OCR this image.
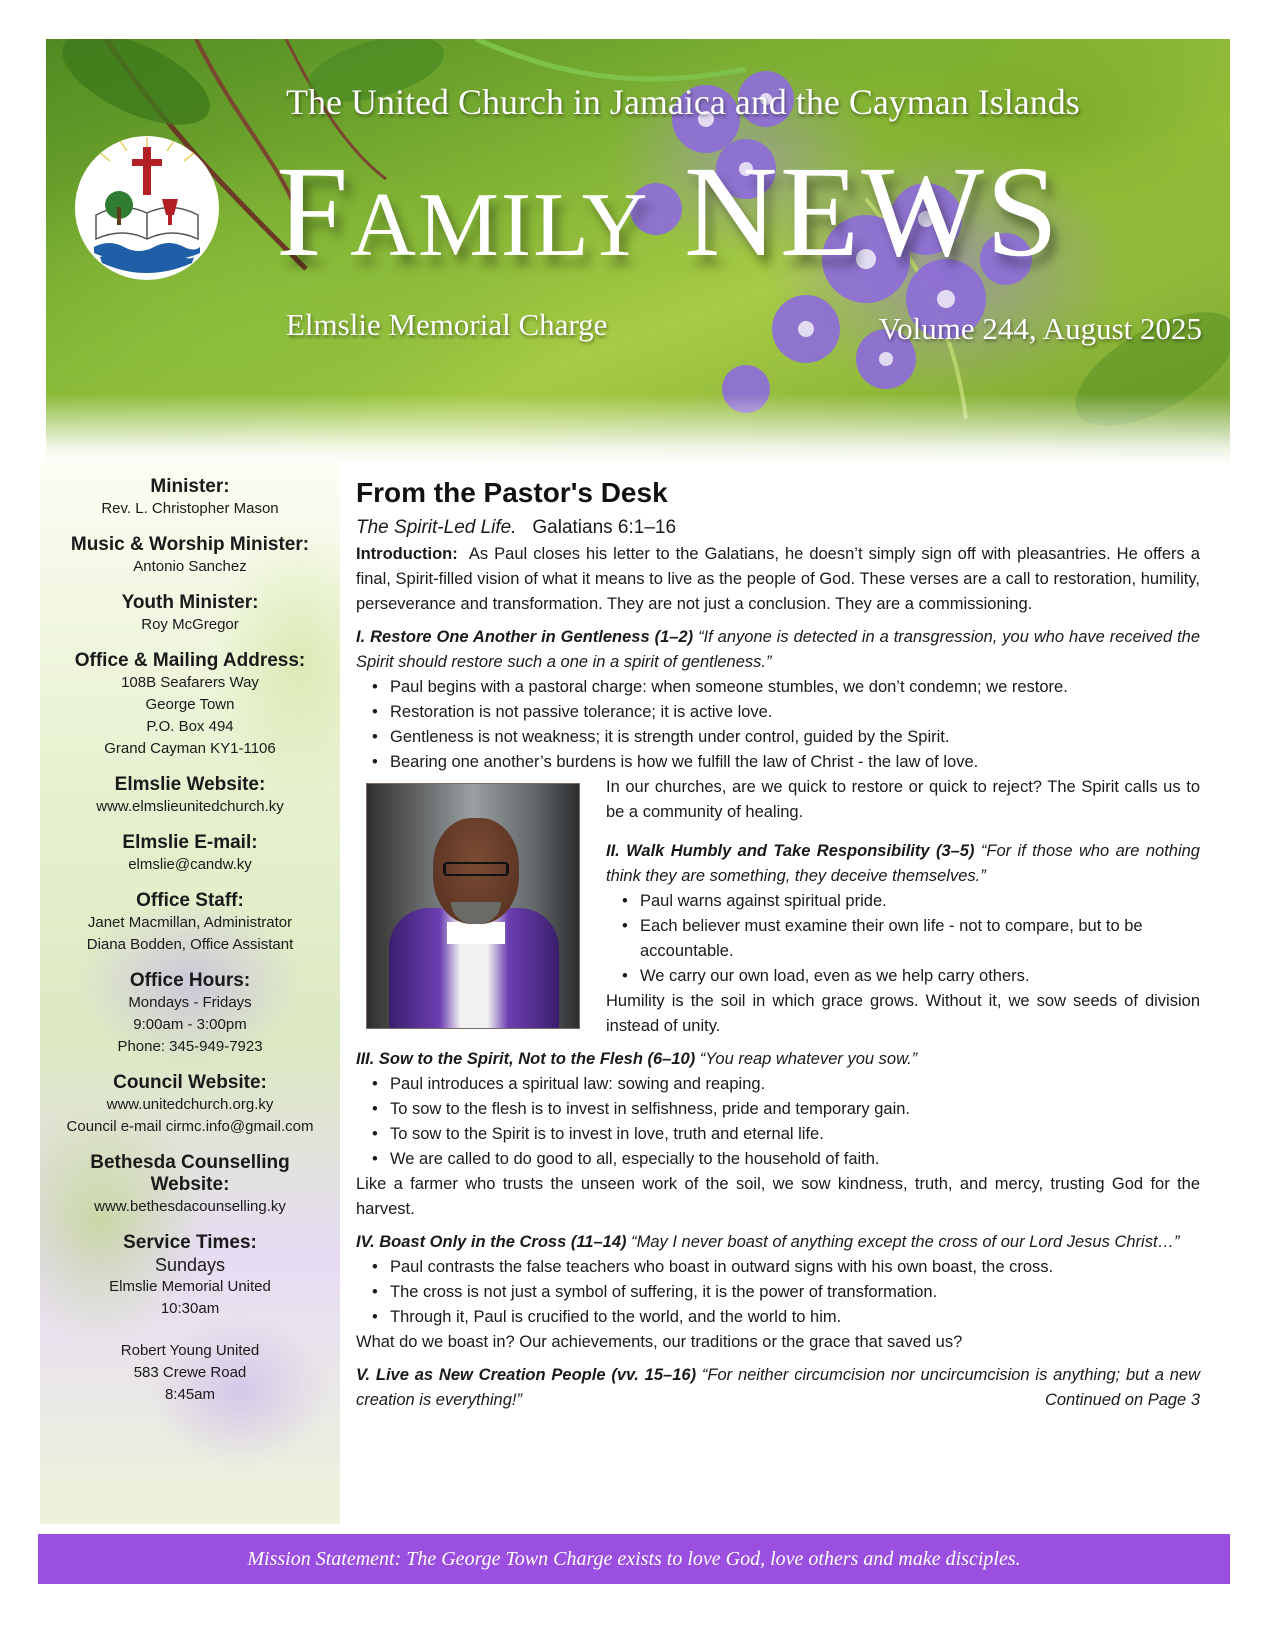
The United Church in Jamaica and the Cayman Islands
Family NEWS
Elmslie Memorial Charge	Volume 244, August 2025
Minister:
Rev. L. Christopher Mason
Music & Worship Minister:
Antonio Sanchez
Youth Minister:
Roy McGregor
Office & Mailing Address:
108B Seafarers Way
George Town
P.O. Box 494
Grand Cayman KY1-1106
Elmslie Website:
www.elmslieunitedchurch.ky
Elmslie E-mail:
elmslie@candw.ky
Office Staff:
Janet Macmillan, Administrator
Diana Bodden, Office Assistant
Office Hours:
Mondays - Fridays
9:00am - 3:00pm
Phone: 345-949-7923
Council Website:
www.unitedchurch.org.ky
Council e-mail cirmc.info@gmail.com
Bethesda Counselling Website:
www.bethesdacounselling.ky
Service Times:
Sundays
Elmslie Memorial United
10:30am
Robert Young United
583 Crewe Road
8:45am
From the Pastor's Desk
The Spirit-Led Life. Galatians 6:1–16

Introduction: As Paul closes his letter to the Galatians, he doesn’t simply sign off with pleasantries. He offers a final, Spirit-filled vision of what it means to live as the people of God. These verses are a call to restoration, humility, perseverance and transformation. They are not just a conclusion. They are a commissioning.

I. Restore One Another in Gentleness (1–2) “If anyone is detected in a transgression, you who have received the Spirit should restore such a one in a spirit of gentleness.”
• Paul begins with a pastoral charge: when someone stumbles, we don’t condemn; we restore.
• Restoration is not passive tolerance; it is active love.
• Gentleness is not weakness; it is strength under control, guided by the Spirit.
• Bearing one another’s burdens is how we fulfill the law of Christ - the law of love.

In our churches, are we quick to restore or quick to reject? The Spirit calls us to be a community of healing.

II. Walk Humbly and Take Responsibility (3–5) “For if those who are nothing think they are something, they deceive themselves.”
• Paul warns against spiritual pride.
• Each believer must examine their own life - not to compare, but to be accountable.
• We carry our own load, even as we help carry others.

Humility is the soil in which grace grows. Without it, we sow seeds of division instead of unity.

III. Sow to the Spirit, Not to the Flesh (6–10) “You reap whatever you sow.”
• Paul introduces a spiritual law: sowing and reaping.
• To sow to the flesh is to invest in selfishness, pride and temporary gain.
• To sow to the Spirit is to invest in love, truth and eternal life.
• We are called to do good to all, especially to the household of faith.

Like a farmer who trusts the unseen work of the soil, we sow kindness, truth, and mercy, trusting God for the harvest.

IV. Boast Only in the Cross (11–14) “May I never boast of anything except the cross of our Lord Jesus Christ…”
• Paul contrasts the false teachers who boast in outward signs with his own boast, the cross.
• The cross is not just a symbol of suffering, it is the power of transformation.
• Through it, Paul is crucified to the world, and the world to him.

What do we boast in? Our achievements, our traditions or the grace that saved us?

V. Live as New Creation People (vv. 15–16) “For neither circumcision nor uncircumcision is anything; but a new creation is everything!”	Continued on Page 3
Mission Statement: The George Town Charge exists to love God, love others and make disciples.
